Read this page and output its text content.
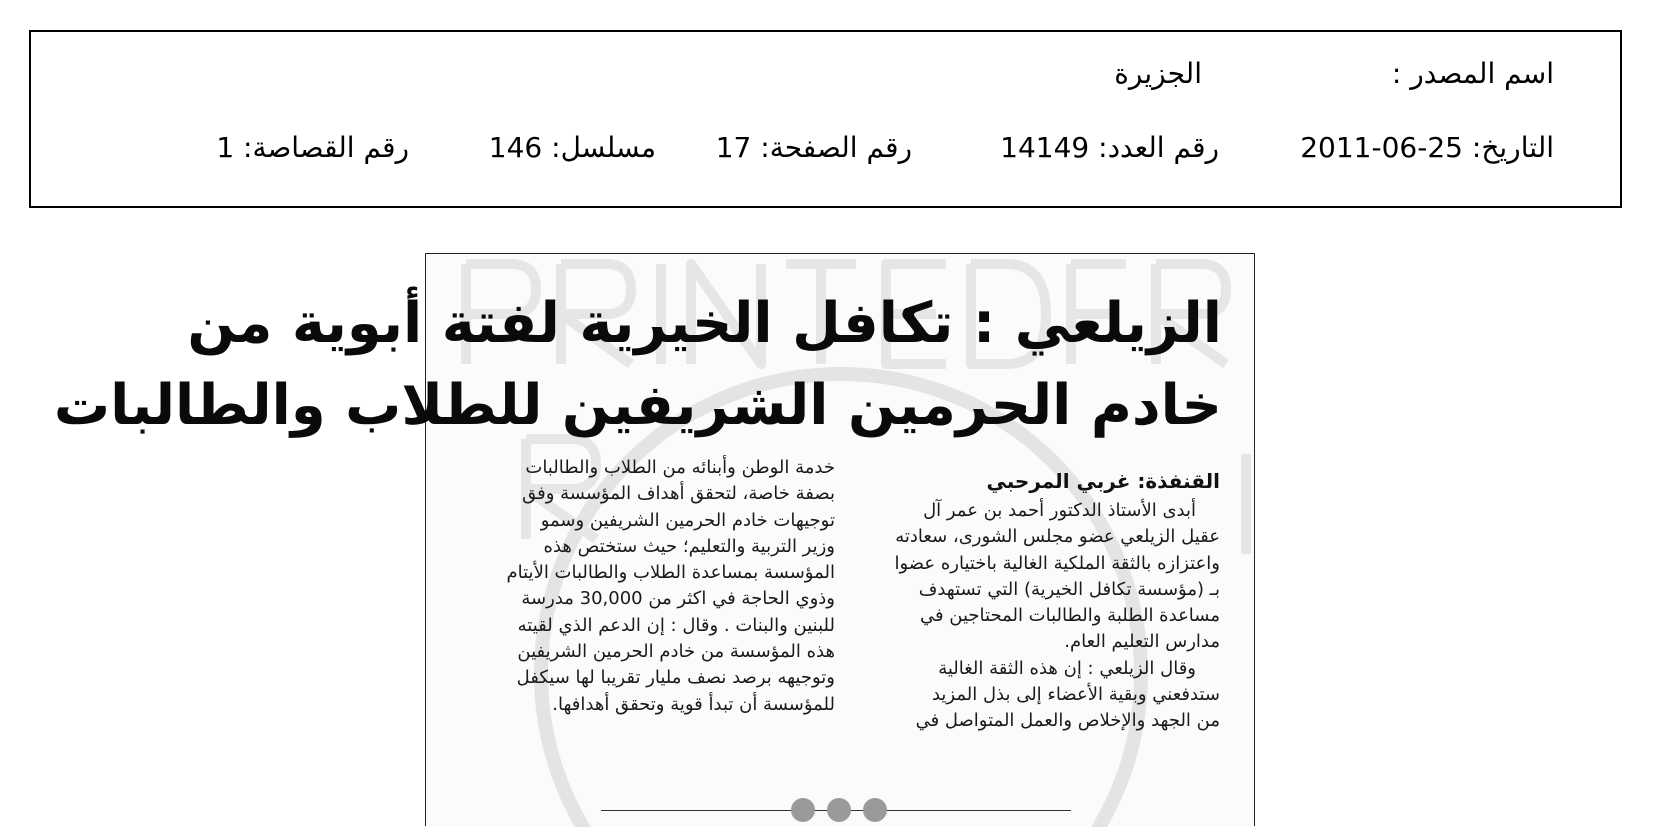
اسم المصدر :
الجزيرة
التاريخ: 25-06-2011
رقم العدد: 14149
رقم الصفحة: 17
مسلسل: 146
رقم القصاصة: 1
الزيلعي : تكافل الخيرية لفتة أبوية من
خادم الحرمين الشريفين للطلاب والطالبات
القنفذة: غربي المرحبي
أبدى الأستاذ الدكتور أحمد بن عمر آل
عقيل الزيلعي عضو مجلس الشورى، سعادته
واعتزازه بالثقة الملكية الغالية باختياره عضوا
بـ (مؤسسة تكافل الخيرية) التي تستهدف
مساعدة الطلبة والطالبات المحتاجين في
مدارس التعليم العام.
وقال الزيلعي : إن هذه الثقة الغالية
ستدفعني وبقية الأعضاء إلى بذل المزيد
من الجهد والإخلاص والعمل المتواصل في
خدمة الوطن وأبنائه من الطلاب والطالبات
بصفة خاصة، لتحقق أهداف المؤسسة وفق
توجيهات خادم الحرمين الشريفين وسمو
وزير التربية والتعليم؛ حيث ستختص هذه
المؤسسة بمساعدة الطلاب والطالبات الأيتام
وذوي الحاجة في اكثر من 30,000 مدرسة
للبنين والبنات . وقال : إن الدعم الذي لقيته
هذه المؤسسة من خادم الحرمين الشريفين
وتوجيهه برصد نصف مليار تقريبا لها سيكفل
للمؤسسة أن تبدأ قوية وتحقق أهدافها.
